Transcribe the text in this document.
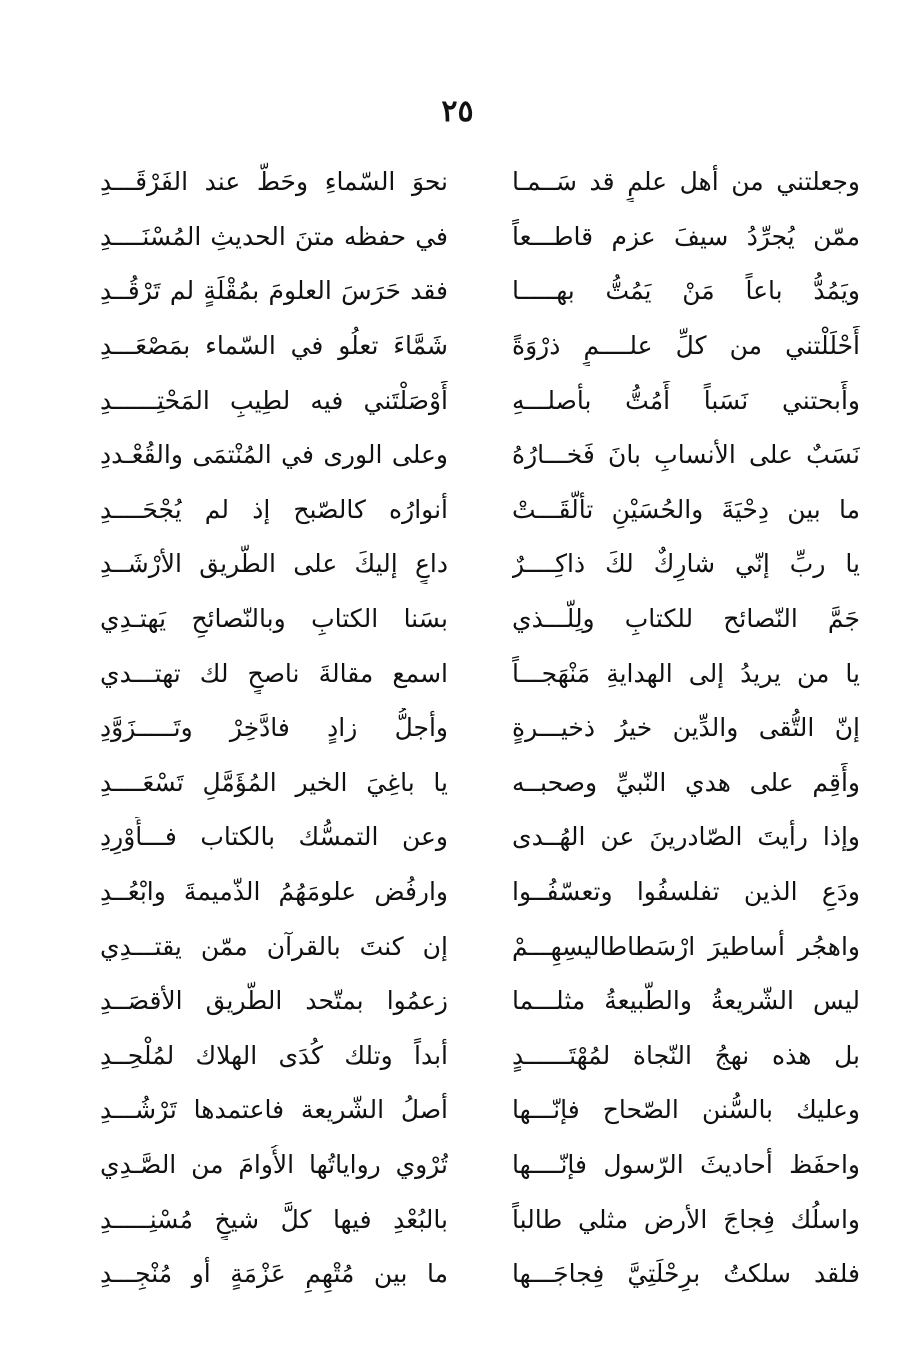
٢٥
وجعلتني من أهل علمٍ قد سَــمـا
نحوَ السّماءِ وحَطَّ عند الفَرْقَـــدِ
ممّن يُجرِّدُ سيفَ عزم قاطـــعاً
في حفظه متنَ الحديثِ المُسْنَــــدِ
ويَمُدُّ باعاً مَنْ يَمُتُّ بهـــــا
فقد حَرَسَ العلومَ بمُقْلَةٍ لم تَرْقُــدِ
أَحْلَلْتني من كلِّ علــــمٍ ذرْوَةً
شَمَّاءَ تعلُو في السّماء بمَصْعَـــدِ
وأَبحتني نَسَباً أَمُتُّ بأصلـــهِ
أَوْصَلْتَني فيه لطِيبِ المَحْتِــــــدِ
نَسَبٌ على الأنسابِ بانَ فَخـــارُهُ
وعلى الورى في المُنْتمَى والقُعْـددِ
ما بين دِحْيَةَ والحُسَيْنِ تألّقَـــتْ
أنوارُه كالصّبح إذ لم يُجْحَــــدِ
يا ربِّ إنّي شارِكٌ لكَ ذاكِــــرٌ
داعٍ إليكَ على الطّريق الأرْشَــدِ
جَمَّ النّصائح للكتابِ ولِلّـــذي
بسَنا الكتابِ وبالنّصائحِ يَهتـدِي
يا من يريدُ إلى الهدايةِ مَنْهَجـــاً
اسمع مقالةَ ناصحٍ لك تهتـــدي
إنّ التُّقى والدِّين خيرُ ذخيـــرةٍ
وأجلُّ زادٍ فادَّخِرْ وتَـــــزَوَّدِ
وأَقِم على هدي النّبيِّ وصحبــه
يا باغِيَ الخير المُؤَمَّلِ تَسْعَــــدِ
وإذا رأيتَ الصّادرينَ عن الهُــدى
وعن التمسُّك بالكتاب فـــأَوْرِدِ
ودَعِ الذين تفلسفُوا وتعسّفُــوا
وارفُض علومَهُمُ الذّميمةَ وابْعُــدِ
واهجُر أساطيرَ ارْسَطاطاليسِهِـــمْ
إن كنتَ بالقرآن ممّن يقتـــدِي
ليس الشّريعةُ والطّبيعةُ مثلـــما
زعمُوا بمتّحد الطّريق الأقصَــدِ
بل هذه نهجُ النّجاة لمُهْتَــــــدٍ
أبداً وتلك كُدَى الهلاك لمُلْحِــدِ
وعليك بالسُّنن الصّحاح فإنّـــها
أصلُ الشّريعة فاعتمدها تَرْشُـــدِ
واحفَظ أحاديثَ الرّسول فإنّــــها
تُرْوي رواياتُها الأُوامَ من الصَّـدِي
واسلُك فِجاجَ الأرض مثلي طالباً
بالبُعْدِ فيها كلَّ شيخٍ مُسْنِـــــدِ
فلقد سلكتُ برِحْلَتِيَّ فِجاجَـــها
ما بين مُتْهِمِ عَزْمَةٍ أو مُنْجِـــدِ
